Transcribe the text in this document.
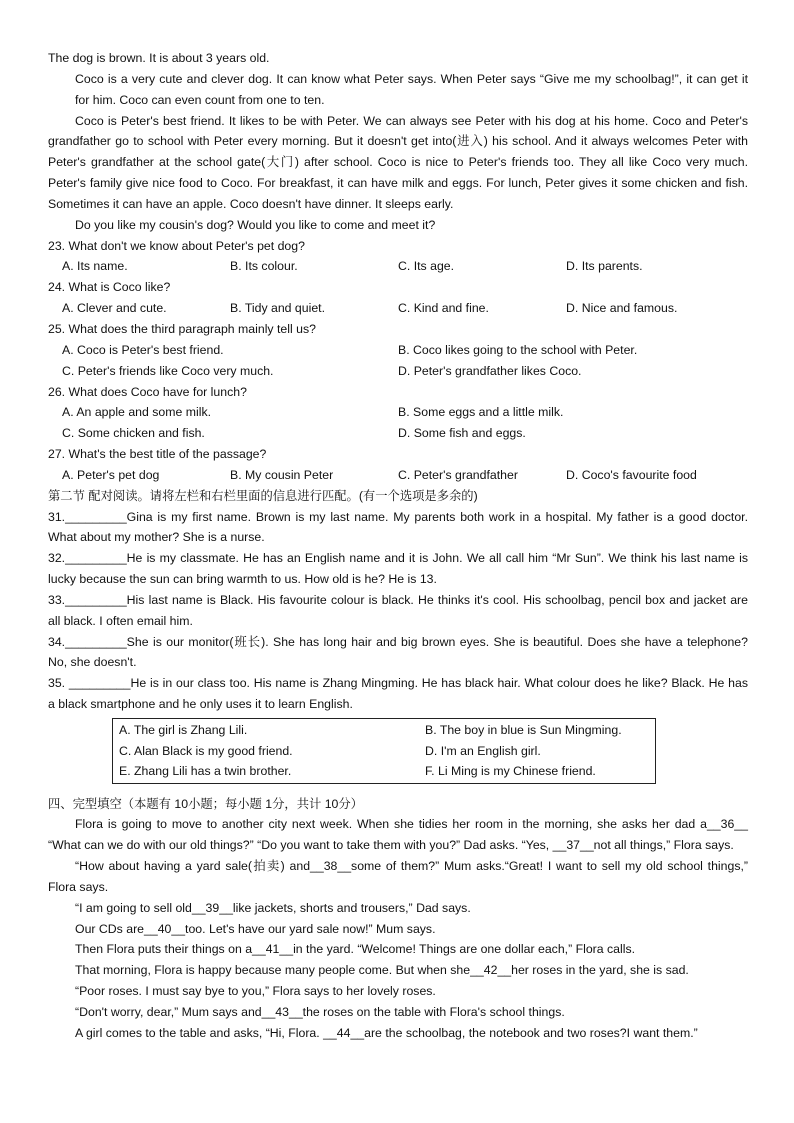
The dog is brown. It is about 3 years old.
Coco is a very cute and clever dog. It can know what Peter says. When Peter says “Give me my schoolbag!”, it can get it for him. Coco can even count from one to ten.
Coco is Peter's best friend. It likes to be with Peter. We can always see Peter with his dog at his home. Coco and Peter's grandfather go to school with Peter every morning. But it doesn't get into(进入) his school. And it always welcomes Peter with Peter's grandfather at the school gate(大门) after school. Coco is nice to Peter's friends too. They all like Coco very much. Peter's family give nice food to Coco. For breakfast, it can have milk and eggs. For lunch, Peter gives it some chicken and fish. Sometimes it can have an apple. Coco doesn't have dinner. It sleeps early.
Do you like my cousin's dog? Would you like to come and meet it?
23. What don't we know about Peter's pet dog?
A. Its name.	B. Its colour.	C. Its age.	D. Its parents.
24. What is Coco like?
A. Clever and cute.	B. Tidy and quiet.	C. Kind and fine.	D. Nice and famous.
25. What does the third paragraph mainly tell us?
A. Coco is Peter's best friend.	B. Coco likes going to the school with Peter.
C. Peter's friends like Coco very much.	D. Peter's grandfather likes Coco.
26. What does Coco have for lunch?
A. An apple and some milk.	B. Some eggs and a little milk.
C. Some chicken and fish.	D. Some fish and eggs.
27. What's the best title of the passage?
A. Peter's pet dog	B. My cousin Peter	C. Peter's grandfather	D. Coco's favourite food
第二节 配对阅读。请将左栏和右栏里面的信息进行匹配。(有一个选项是多余的)
31._________Gina is my first name. Brown is my last name. My parents both work in a hospital. My father is a good doctor. What about my mother? She is a nurse.
32._________He is my classmate. He has an English name and it is John. We all call him “Mr Sun”. We think his last name is lucky because the sun can bring warmth to us. How old is he? He is 13.
33._________His last name is Black. His favourite colour is black. He thinks it's cool. His schoolbag, pencil box and jacket are all black. I often email him.
34._________She is our monitor(班长). She has long hair and big brown eyes. She is beautiful. Does she have a telephone? No, she doesn't.
35. _________He is in our class too. His name is Zhang Mingming. He has black hair. What colour does he like? Black. He has a black smartphone and he only uses it to learn English.
A. The girl is Zhang Lili.	B. The boy in blue is Sun Mingming.
C. Alan Black is my good friend.	D. I'm an English girl.
E. Zhang Lili has a twin brother.	F. Li Ming is my Chinese friend.
四、完型填空（本题有 10小题；每小题 1分，共计 10分）
Flora is going to move to another city next week. When she tidies her room in the morning, she asks her dad a__36__ “What can we do with our old things?” “Do you want to take them with you?” Dad asks. “Yes, __37__not all things,” Flora says.
“How about having a yard sale(拍卖) and__38__some of them?” Mum asks.“Great! I want to sell my old school things,” Flora says.
“I am going to sell old__39__like jackets, shorts and trousers,” Dad says.
Our CDs are__40__too. Let's have our yard sale now!” Mum says.
Then Flora puts their things on a__41__in the yard. “Welcome! Things are one dollar each,” Flora calls.
That morning, Flora is happy because many people come. But when she__42__her roses in the yard, she is sad.
“Poor roses. I must say bye to you,” Flora says to her lovely roses.
“Don't worry, dear,” Mum says and__43__the roses on the table with Flora's school things.
A girl comes to the table and asks, “Hi, Flora. __44__are the schoolbag, the notebook and two roses?I want them.”
